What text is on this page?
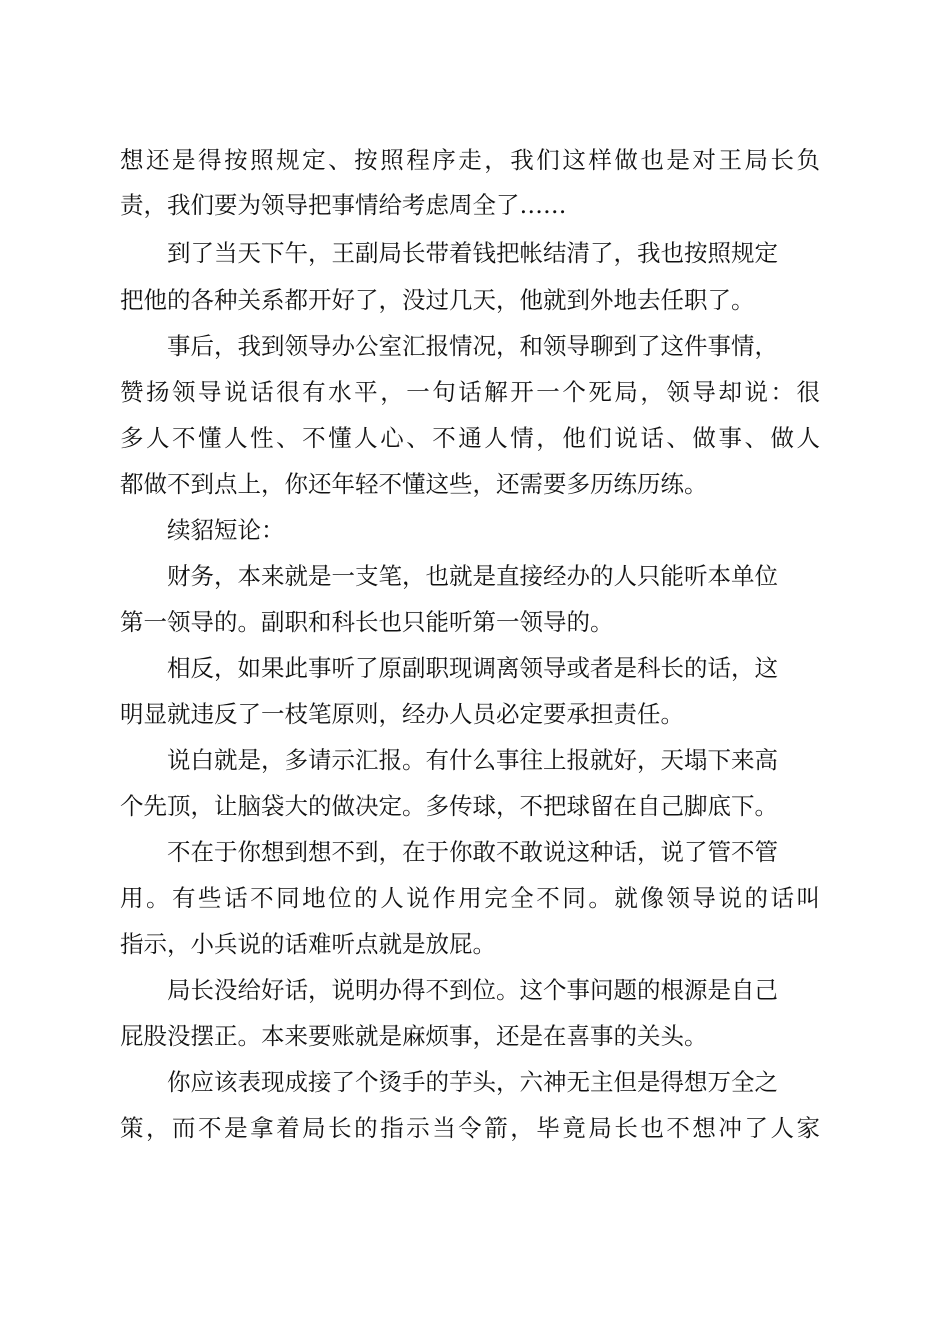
想还是得按照规定、按照程序走，我们这样做也是对王局长负
责，我们要为领导把事情给考虑周全了……
到了当天下午，王副局长带着钱把帐结清了，我也按照规定
把他的各种关系都开好了，没过几天，他就到外地去任职了。
事后，我到领导办公室汇报情况，和领导聊到了这件事情，
赞扬领导说话很有水平，一句话解开一个死局，领导却说：很
多人不懂人性、不懂人心、不通人情，他们说话、做事、做人
都做不到点上，你还年轻不懂这些，还需要多历练历练。
续貂短论：
财务，本来就是一支笔，也就是直接经办的人只能听本单位
第一领导的。副职和科长也只能听第一领导的。
相反，如果此事听了原副职现调离领导或者是科长的话，这
明显就违反了一枝笔原则，经办人员必定要承担责任。
说白就是，多请示汇报。有什么事往上报就好，天塌下来高
个先顶，让脑袋大的做决定。多传球，不把球留在自己脚底下。
不在于你想到想不到，在于你敢不敢说这种话，说了管不管
用。有些话不同地位的人说作用完全不同。就像领导说的话叫
指示，小兵说的话难听点就是放屁。
局长没给好话，说明办得不到位。这个事问题的根源是自己
屁股没摆正。本来要账就是麻烦事，还是在喜事的关头。
你应该表现成接了个烫手的芋头，六神无主但是得想万全之
策，而不是拿着局长的指示当令箭，毕竟局长也不想冲了人家
